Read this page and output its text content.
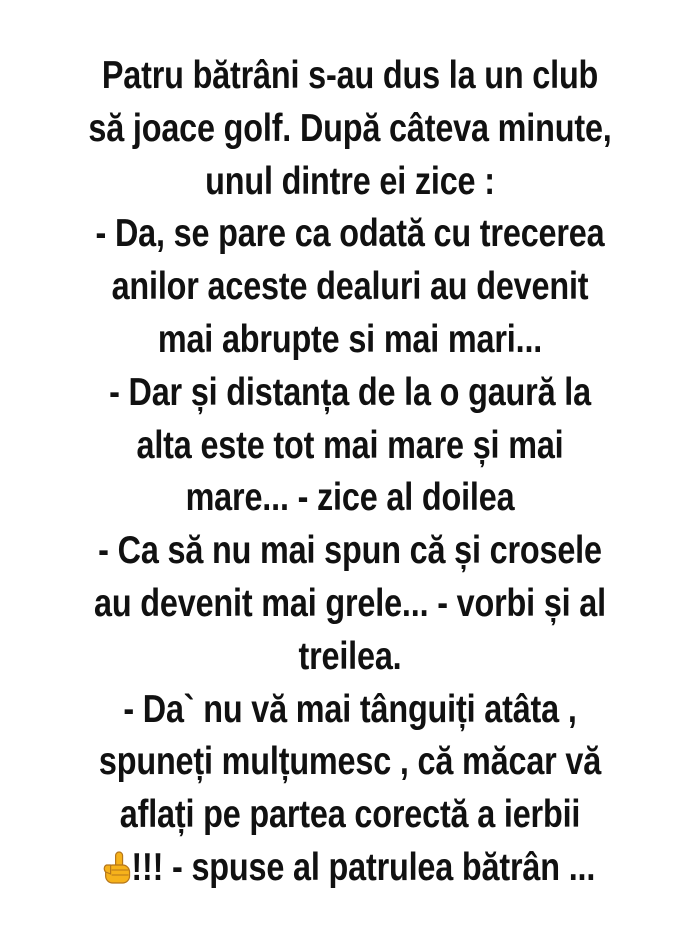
Patru bătrâni s-au dus la un club
să joace golf. După câteva minute,
unul dintre ei zice :
- Da, se pare ca odată cu trecerea
anilor aceste dealuri au devenit
mai abrupte si mai mari...
- Dar și distanța de la o gaură la
alta este tot mai mare și mai
mare... - zice al doilea
- Ca să nu mai spun că și crosele
au devenit mai grele... - vorbi și al
treilea.
- Da` nu vă mai tânguiți atâta ,
spuneți mulțumesc , că măcar vă
aflați pe partea corectă a ierbii
!!! - spuse al patrulea bătrân ...
